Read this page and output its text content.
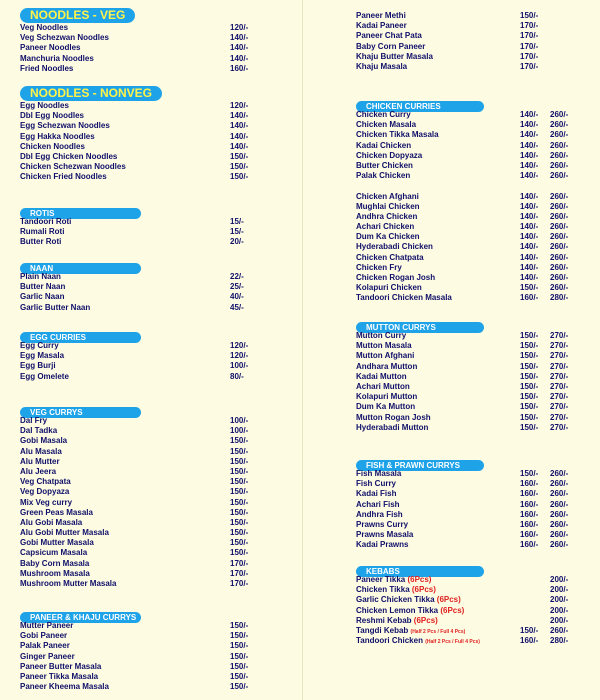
NOODLES - VEG
Veg Noodles	120/-
Veg Schezwan Noodles	140/-
Paneer Noodles	140/-
Manchuria Noodles	140/-
Fried Noodles	160/-
NOODLES - NONVEG
Egg Noodles	120/-
Dbl Egg Noodles	140/-
Egg Schezwan Noodles	140/-
Egg Hakka Noodles	140/-
Chicken Noodles	140/-
Dbl Egg Chicken Noodles	150/-
Chicken Schezwan Noodles	150/-
Chicken Fried Noodles	150/-
ROTIS
Tandoori Roti	15/-
Rumali Roti	15/-
Butter Roti	20/-
NAAN
Plain Naan	22/-
Butter Naan	25/-
Garlic Naan	40/-
Garlic Butter Naan	45/-
EGG CURRIES
Egg Curry	120/-
Egg Masala	120/-
Egg Burji	100/-
Egg Omelete	80/-
VEG CURRYS
Dal Fry	100/-
Dal Tadka	100/-
Gobi Masala	150/-
Alu Masala	150/-
Alu Mutter	150/-
Alu Jeera	150/-
Veg Chatpata	150/-
Veg Dopyaza	150/-
Mix Veg curry	150/-
Green Peas Masala	150/-
Alu Gobi Masala	150/-
Alu Gobi Mutter Masala	150/-
Gobi Mutter Masala	150/-
Capsicum Masala	150/-
Baby Corn Masala	170/-
Mushroom Masala	170/-
Mushroom Mutter Masala	170/-
PANEER & KHAJU CURRYS
Mutter Paneer	150/-
Gobi Paneer	150/-
Palak Paneer	150/-
Ginger Paneer	150/-
Paneer Butter Masala	150/-
Paneer Tikka Masala	150/-
Paneer Kheema Masala	150/-
Paneer Methi	150/-
Kadai Paneer	170/-
Paneer Chat Pata	170/-
Baby Corn Paneer	170/-
Khaju Butter Masala	170/-
Khaju Masala	170/-
CHICKEN CURRIES
Chicken Curry	140/- 260/-
Chicken Masala	140/- 260/-
Chicken Tikka Masala	140/- 260/-
Kadai Chicken	140/- 260/-
Chicken Dopyaza	140/- 260/-
Butter Chicken	140/- 260/-
Palak Chicken	140/- 260/-
Chicken Afghani	140/- 260/-
Mughlai Chicken	140/- 260/-
Andhra Chicken	140/- 260/-
Achari Chicken	140/- 260/-
Dum Ka Chicken	140/- 260/-
Hyderabadi Chicken	140/- 260/-
Chicken Chatpata	140/- 260/-
Chicken Fry	140/- 260/-
Chicken Rogan Josh	140/- 260/-
Kolapuri Chicken	150/- 260/-
Tandoori Chicken Masala	160/- 280/-
MUTTON CURRYS
Mutton Curry	150/- 270/-
Mutton Masala	150/- 270/-
Mutton Afghani	150/- 270/-
Andhara Mutton	150/- 270/-
Kadai Mutton	150/- 270/-
Achari Mutton	150/- 270/-
Kolapuri Mutton	150/- 270/-
Dum Ka Mutton	150/- 270/-
Mutton Rogan Josh	150/- 270/-
Hyderabadi Mutton	150/- 270/-
FISH & PRAWN CURRYS
Fish Masala	150/- 260/-
Fish Curry	160/- 260/-
Kadai Fish	160/- 260/-
Achari Fish	160/- 260/-
Andhra Fish	160/- 260/-
Prawns Curry	160/- 260/-
Prawns Masala	160/- 260/-
Kadai Prawns	160/- 260/-
KEBABS
Paneer Tikka (6Pcs)	200/-
Chicken Tikka (6Pcs)	200/-
Garlic Chicken Tikka (6Pcs)	200/-
Chicken Lemon Tikka (6Pcs)	200/-
Reshmi Kebab (6Pcs)	200/-
Tangdi Kebab (Half 2 Pcs / Full 4 Pcs)	150/- 260/-
Tandoori Chicken (Half 2 Pcs / Full 4 Pcs)	160/- 280/-
